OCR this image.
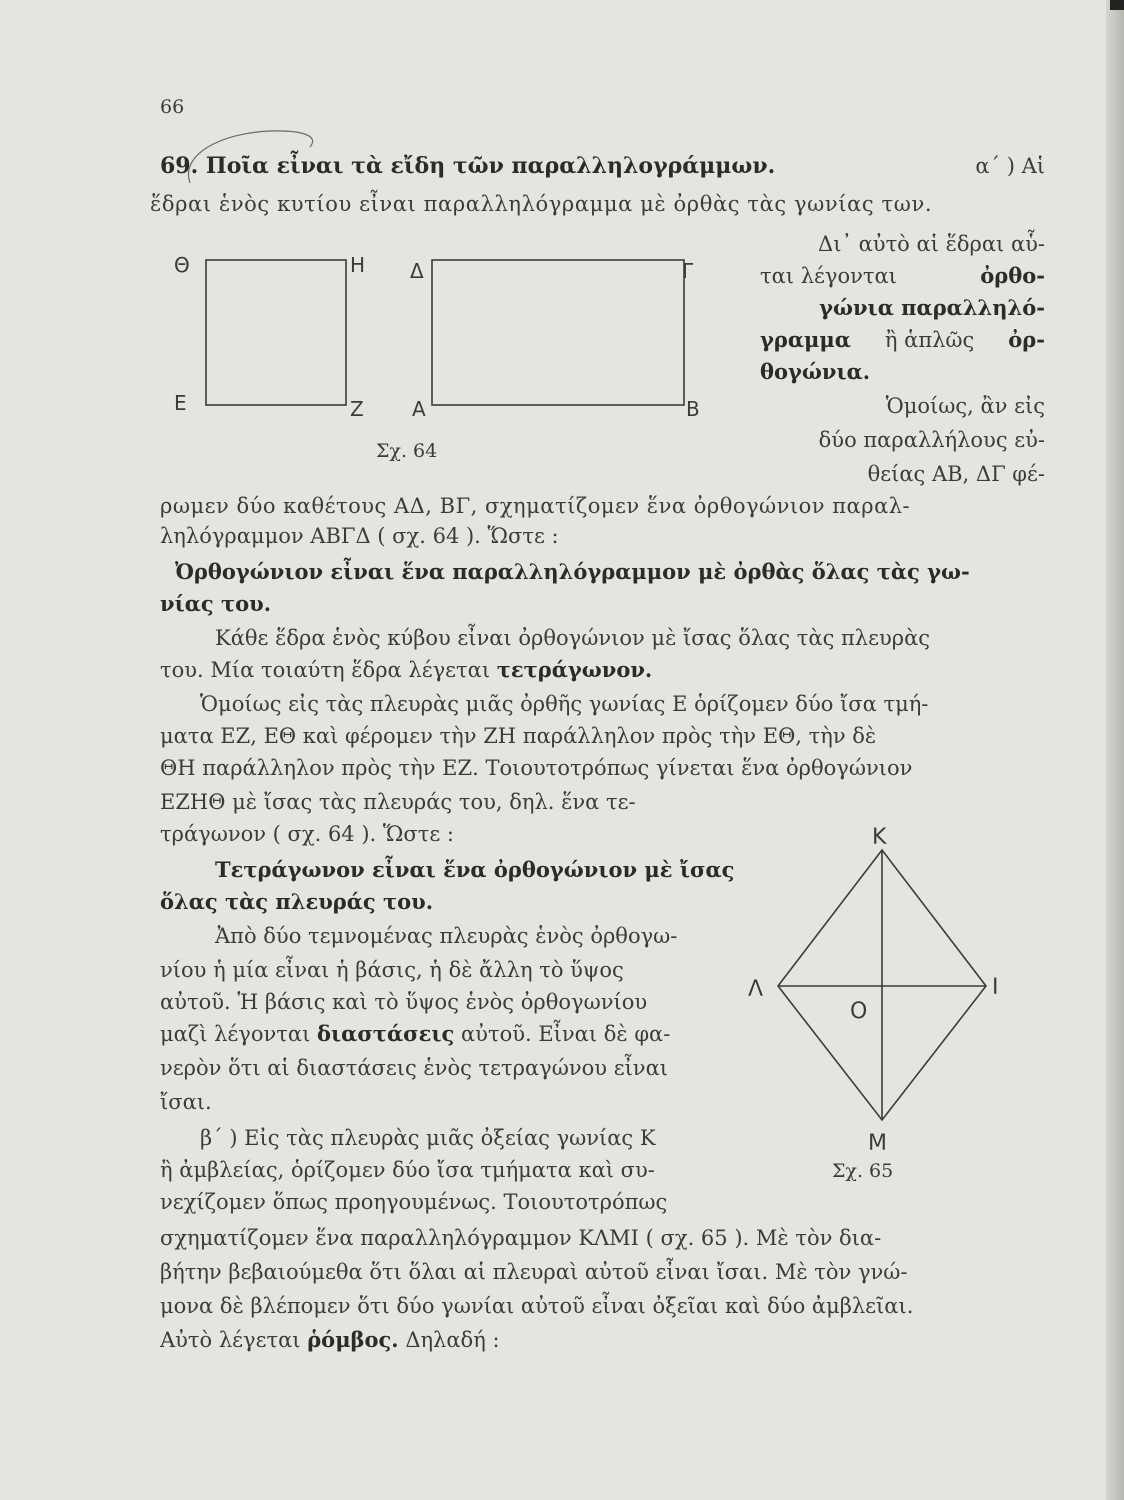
66
69. Ποῖα εἶναι τὰ εἴδη τῶν παραλληλογράμμων.	α΄ ) Αἱ
ἕδραι ἑνὸς κυτίου εἶναι παραλληλόγραμμα μὲ ὀρθὰς τὰς γωνίας των.
Δι᾽ αὐτὸ αἱ ἕδραι αὗ-
ται λέγονται	ὀρθο-
γώνια παραλληλό-
γραμμα ἢ ἁπλῶς ὀρ-
θογώνια.
Ὁμοίως, ἂν εἰς
δύο παραλλήλους εὐ-
θείας ΑΒ, ΔΓ φέ-
Θ	Η
Ε	Ζ
Δ	Γ
Α	Β
Σχ. 64
ρωμεν δύο καθέτους ΑΔ, ΒΓ, σχηματίζομεν ἕνα ὀρθογώνιον παραλ-
ληλόγραμμον ΑΒΓΔ ( σχ. 64 ). Ὥστε :
Ὀρθογώνιον εἶναι ἕνα παραλληλόγραμμον μὲ ὀρθὰς ὅλας τὰς γω-
νίας του.
Κάθε ἕδρα ἑνὸς κύβου εἶναι ὀρθογώνιον μὲ ἴσας ὅλας τὰς πλευρὰς
του. Μία τοιαύτη ἕδρα λέγεται τετράγωνον.
Ὁμοίως εἰς τὰς πλευρὰς μιᾶς ὀρθῆς γωνίας Ε ὁρίζομεν δύο ἴσα τμή-
ματα ΕΖ, ΕΘ καὶ φέρομεν τὴν ΖΗ παράλληλον πρὸς τὴν ΕΘ, τὴν δὲ
ΘΗ παράλληλον πρὸς τὴν ΕΖ. Τοιουτοτρόπως γίνεται ἕνα ὀρθογώνιον
ΕΖΗΘ μὲ ἴσας τὰς πλευράς του, δηλ. ἕνα τε-
τράγωνον ( σχ. 64 ). Ὥστε :
Τετράγωνον εἶναι ἕνα ὀρθογώνιον μὲ ἴσας
ὅλας τὰς πλευράς του.
Ἀπὸ δύο τεμνομένας πλευρὰς ἑνὸς ὀρθογω-
νίου ἡ μία εἶναι ἡ βάσις, ἡ δὲ ἄλλη τὸ ὕψος
αὐτοῦ. Ἡ βάσις καὶ τὸ ὕψος ἑνὸς ὀρθογωνίου
μαζὶ λέγονται διαστάσεις αὐτοῦ. Εἶναι δὲ φα-
νερὸν ὅτι αἱ διαστάσεις ἑνὸς τετραγώνου εἶναι
ἴσαι.
β΄ ) Εἰς τὰς πλευρὰς μιᾶς ὀξείας γωνίας Κ
ἢ ἀμβλείας, ὁρίζομεν δύο ἴσα τμήματα καὶ συ-
νεχίζομεν ὅπως προηγουμένως. Τοιουτοτρόπως
σχηματίζομεν ἕνα παραλληλόγραμμον ΚΛΜΙ ( σχ. 65 ). Μὲ τὸν δια-
βήτην βεβαιούμεθα ὅτι ὅλαι αἱ πλευραὶ αὐτοῦ εἶναι ἴσαι. Μὲ τὸν γνώ-
μονα δὲ βλέπομεν ὅτι δύο γωνίαι αὐτοῦ εἶναι ὀξεῖαι καὶ δύο ἀμβλεῖαι.
Αὐτὸ λέγεται ῥόμβος. Δηλαδή :
Κ
Λ	Ι
Μ
Ο
Σχ. 65
